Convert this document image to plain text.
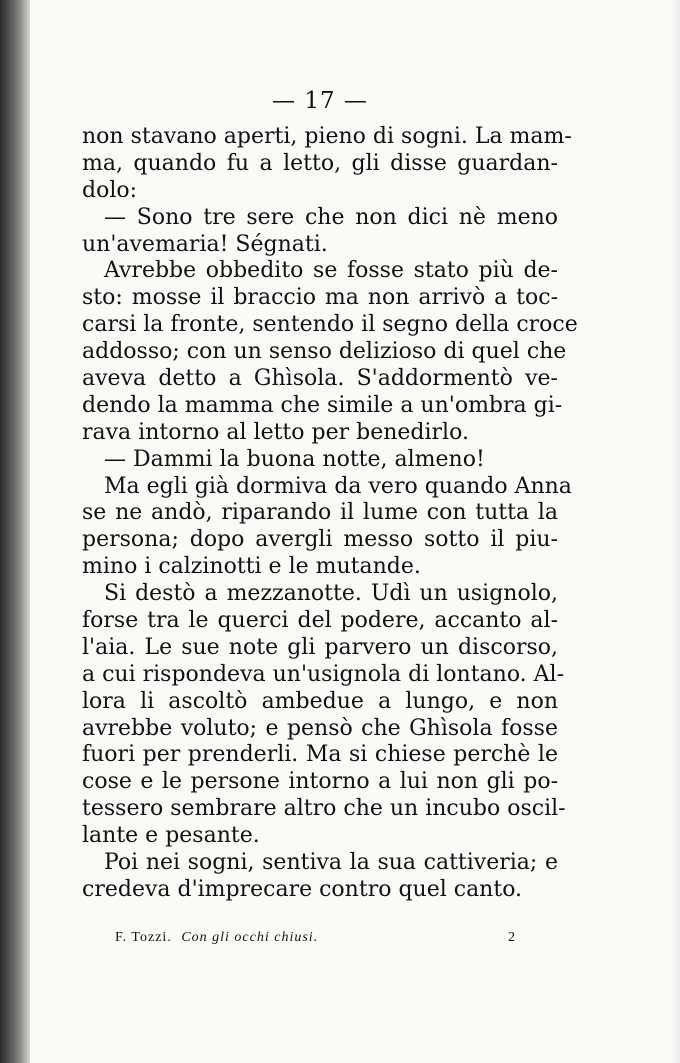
— 17 —
non stavano aperti, pieno di sogni. La mam-
ma, quando fu a letto, gli disse guardan-
dolo:
— Sono tre sere che non dici nè meno
un'avemaria! Ségnati.
Avrebbe obbedito se fosse stato più de-
sto: mosse il braccio ma non arrivò a toc-
carsi la fronte, sentendo il segno della croce
addosso; con un senso delizioso di quel che
aveva detto a Ghìsola. S'addormentò ve-
dendo la mamma che simile a un'ombra gi-
rava intorno al letto per benedirlo.
— Dammi la buona notte, almeno!
Ma egli già dormiva da vero quando Anna
se ne andò, riparando il lume con tutta la
persona; dopo avergli messo sotto il piu-
mino i calzinotti e le mutande.
Si destò a mezzanotte. Udì un usignolo,
forse tra le querci del podere, accanto al-
l'aia. Le sue note gli parvero un discorso,
a cui rispondeva un'usignola di lontano. Al-
lora li ascoltò ambedue a lungo, e non
avrebbe voluto; e pensò che Ghìsola fosse
fuori per prenderli. Ma si chiese perchè le
cose e le persone intorno a lui non gli po-
tessero sembrare altro che un incubo oscil-
lante e pesante.
Poi nei sogni, sentiva la sua cattiveria; e
credeva d'imprecare contro quel canto.
F. Tozzi. Con gli occhi chiusi.	2
